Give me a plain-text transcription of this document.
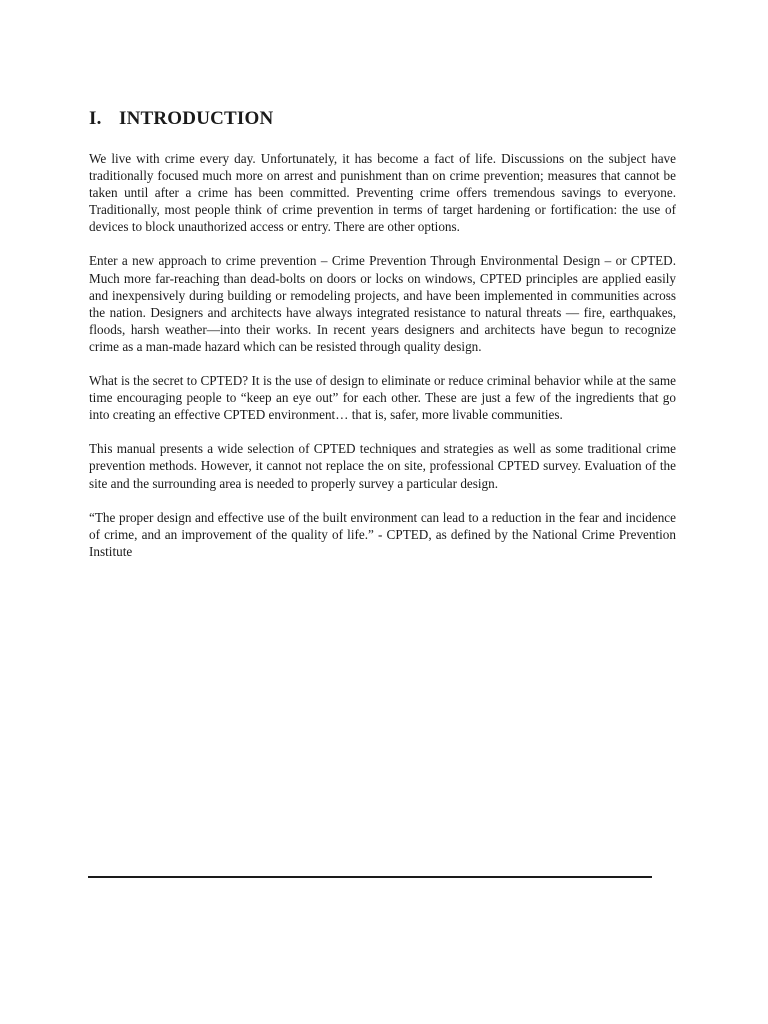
I. INTRODUCTION

We live with crime every day. Unfortunately, it has become a fact of life. Discussions on the subject have traditionally focused much more on arrest and punishment than on crime prevention; measures that cannot be taken until after a crime has been committed. Preventing crime offers tremendous savings to everyone. Traditionally, most people think of crime prevention in terms of target hardening or fortification: the use of devices to block unauthorized access or entry. There are other options.

Enter a new approach to crime prevention – Crime Prevention Through Environmental Design – or CPTED. Much more far-reaching than dead-bolts on doors or locks on windows, CPTED principles are applied easily and inexpensively during building or remodeling projects, and have been implemented in communities across the nation. Designers and architects have always integrated resistance to natural threats — fire, earthquakes, floods, harsh weather—into their works. In recent years designers and architects have begun to recognize crime as a man-made hazard which can be resisted through quality design.

What is the secret to CPTED? It is the use of design to eliminate or reduce criminal behavior while at the same time encouraging people to “keep an eye out” for each other. These are just a few of the ingredients that go into creating an effective CPTED environment… that is, safer, more livable communities.

This manual presents a wide selection of CPTED techniques and strategies as well as some traditional crime prevention methods. However, it cannot not replace the on site, professional CPTED survey. Evaluation of the site and the surrounding area is needed to properly survey a particular design.

“The proper design and effective use of the built environment can lead to a reduction in the fear and incidence of crime, and an improvement of the quality of life.” - CPTED, as defined by the National Crime Prevention Institute
